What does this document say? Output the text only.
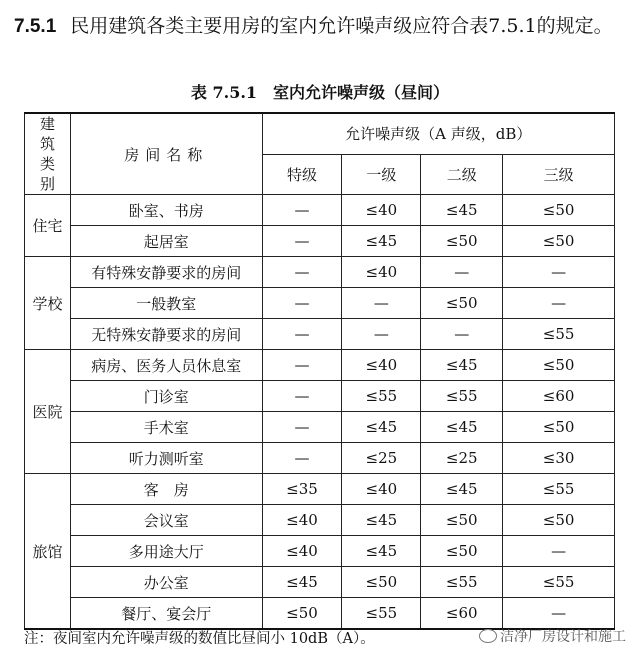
7.5.1 民用建筑各类主要用房的室内允许噪声级应符合表7.5.1的规定。
表 7.5.1 室内允许噪声级（昼间）
建筑类别	房间名称	允许噪声级（A 声级，dB）			
		特级	一级	二级	三级
住宅	卧室、书房	—	≤40	≤45	≤50
	起居室	—	≤45	≤50	≤50
学校	有特殊安静要求的房间	—	≤40	—	—
	一般教室	—	—	≤50	—
	无特殊安静要求的房间	—	—	—	≤55
医院	病房、医务人员休息室	—	≤40	≤45	≤50
	门诊室	—	≤55	≤55	≤60
	手术室	—	≤45	≤45	≤50
	听力测听室	—	≤25	≤25	≤30
旅馆	客　房	≤35	≤40	≤45	≤55
	会议室	≤40	≤45	≤50	≤50
	多用途大厅	≤40	≤45	≤50	—
	办公室	≤45	≤50	≤55	≤55
	餐厅、宴会厅	≤50	≤55	≤60	—
注：夜间室内允许噪声级的数值比昼间小 10dB（A）。	洁净厂房设计和施工
